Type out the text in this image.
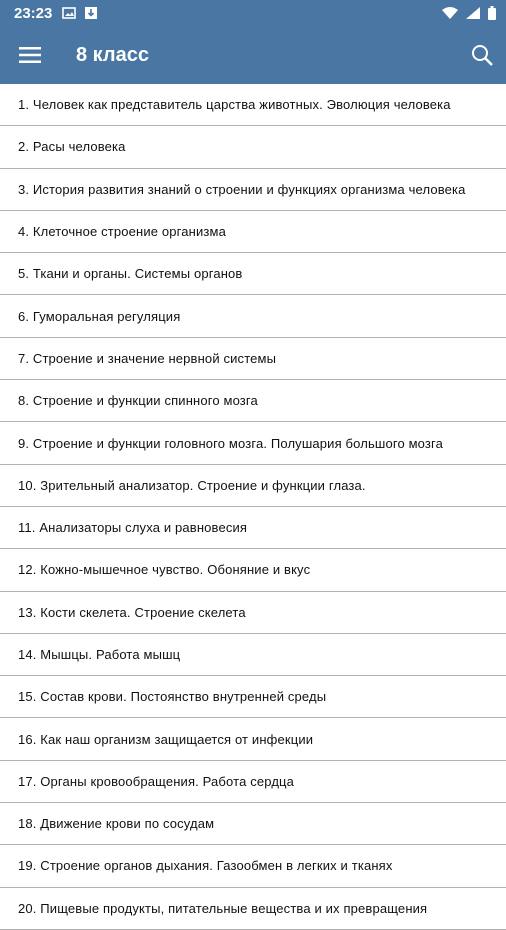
23:23
8 класс
1. Человек как представитель царства животных. Эволюция человека
2. Расы человека
3. История развития знаний о строении и функциях организма человека
4. Клеточное строение организма
5. Ткани и органы. Системы органов
6. Гуморальная регуляция
7. Строение и значение нервной системы
8. Строение и функции спинного мозга
9. Строение и функции головного мозга. Полушария большого мозга
10. Зрительный анализатор. Строение и функции глаза.
11. Анализаторы слуха и равновесия
12. Кожно-мышечное чувство. Обоняние и вкус
13. Кости скелета. Строение скелета
14. Мышцы. Работа мышц
15. Состав крови. Постоянство внутренней среды
16. Как наш организм защищается от инфекции
17. Органы кровообращения. Работа сердца
18. Движение крови по сосудам
19. Строение органов дыхания. Газообмен в легких и тканях
20. Пищевые продукты, питательные вещества и их превращения
